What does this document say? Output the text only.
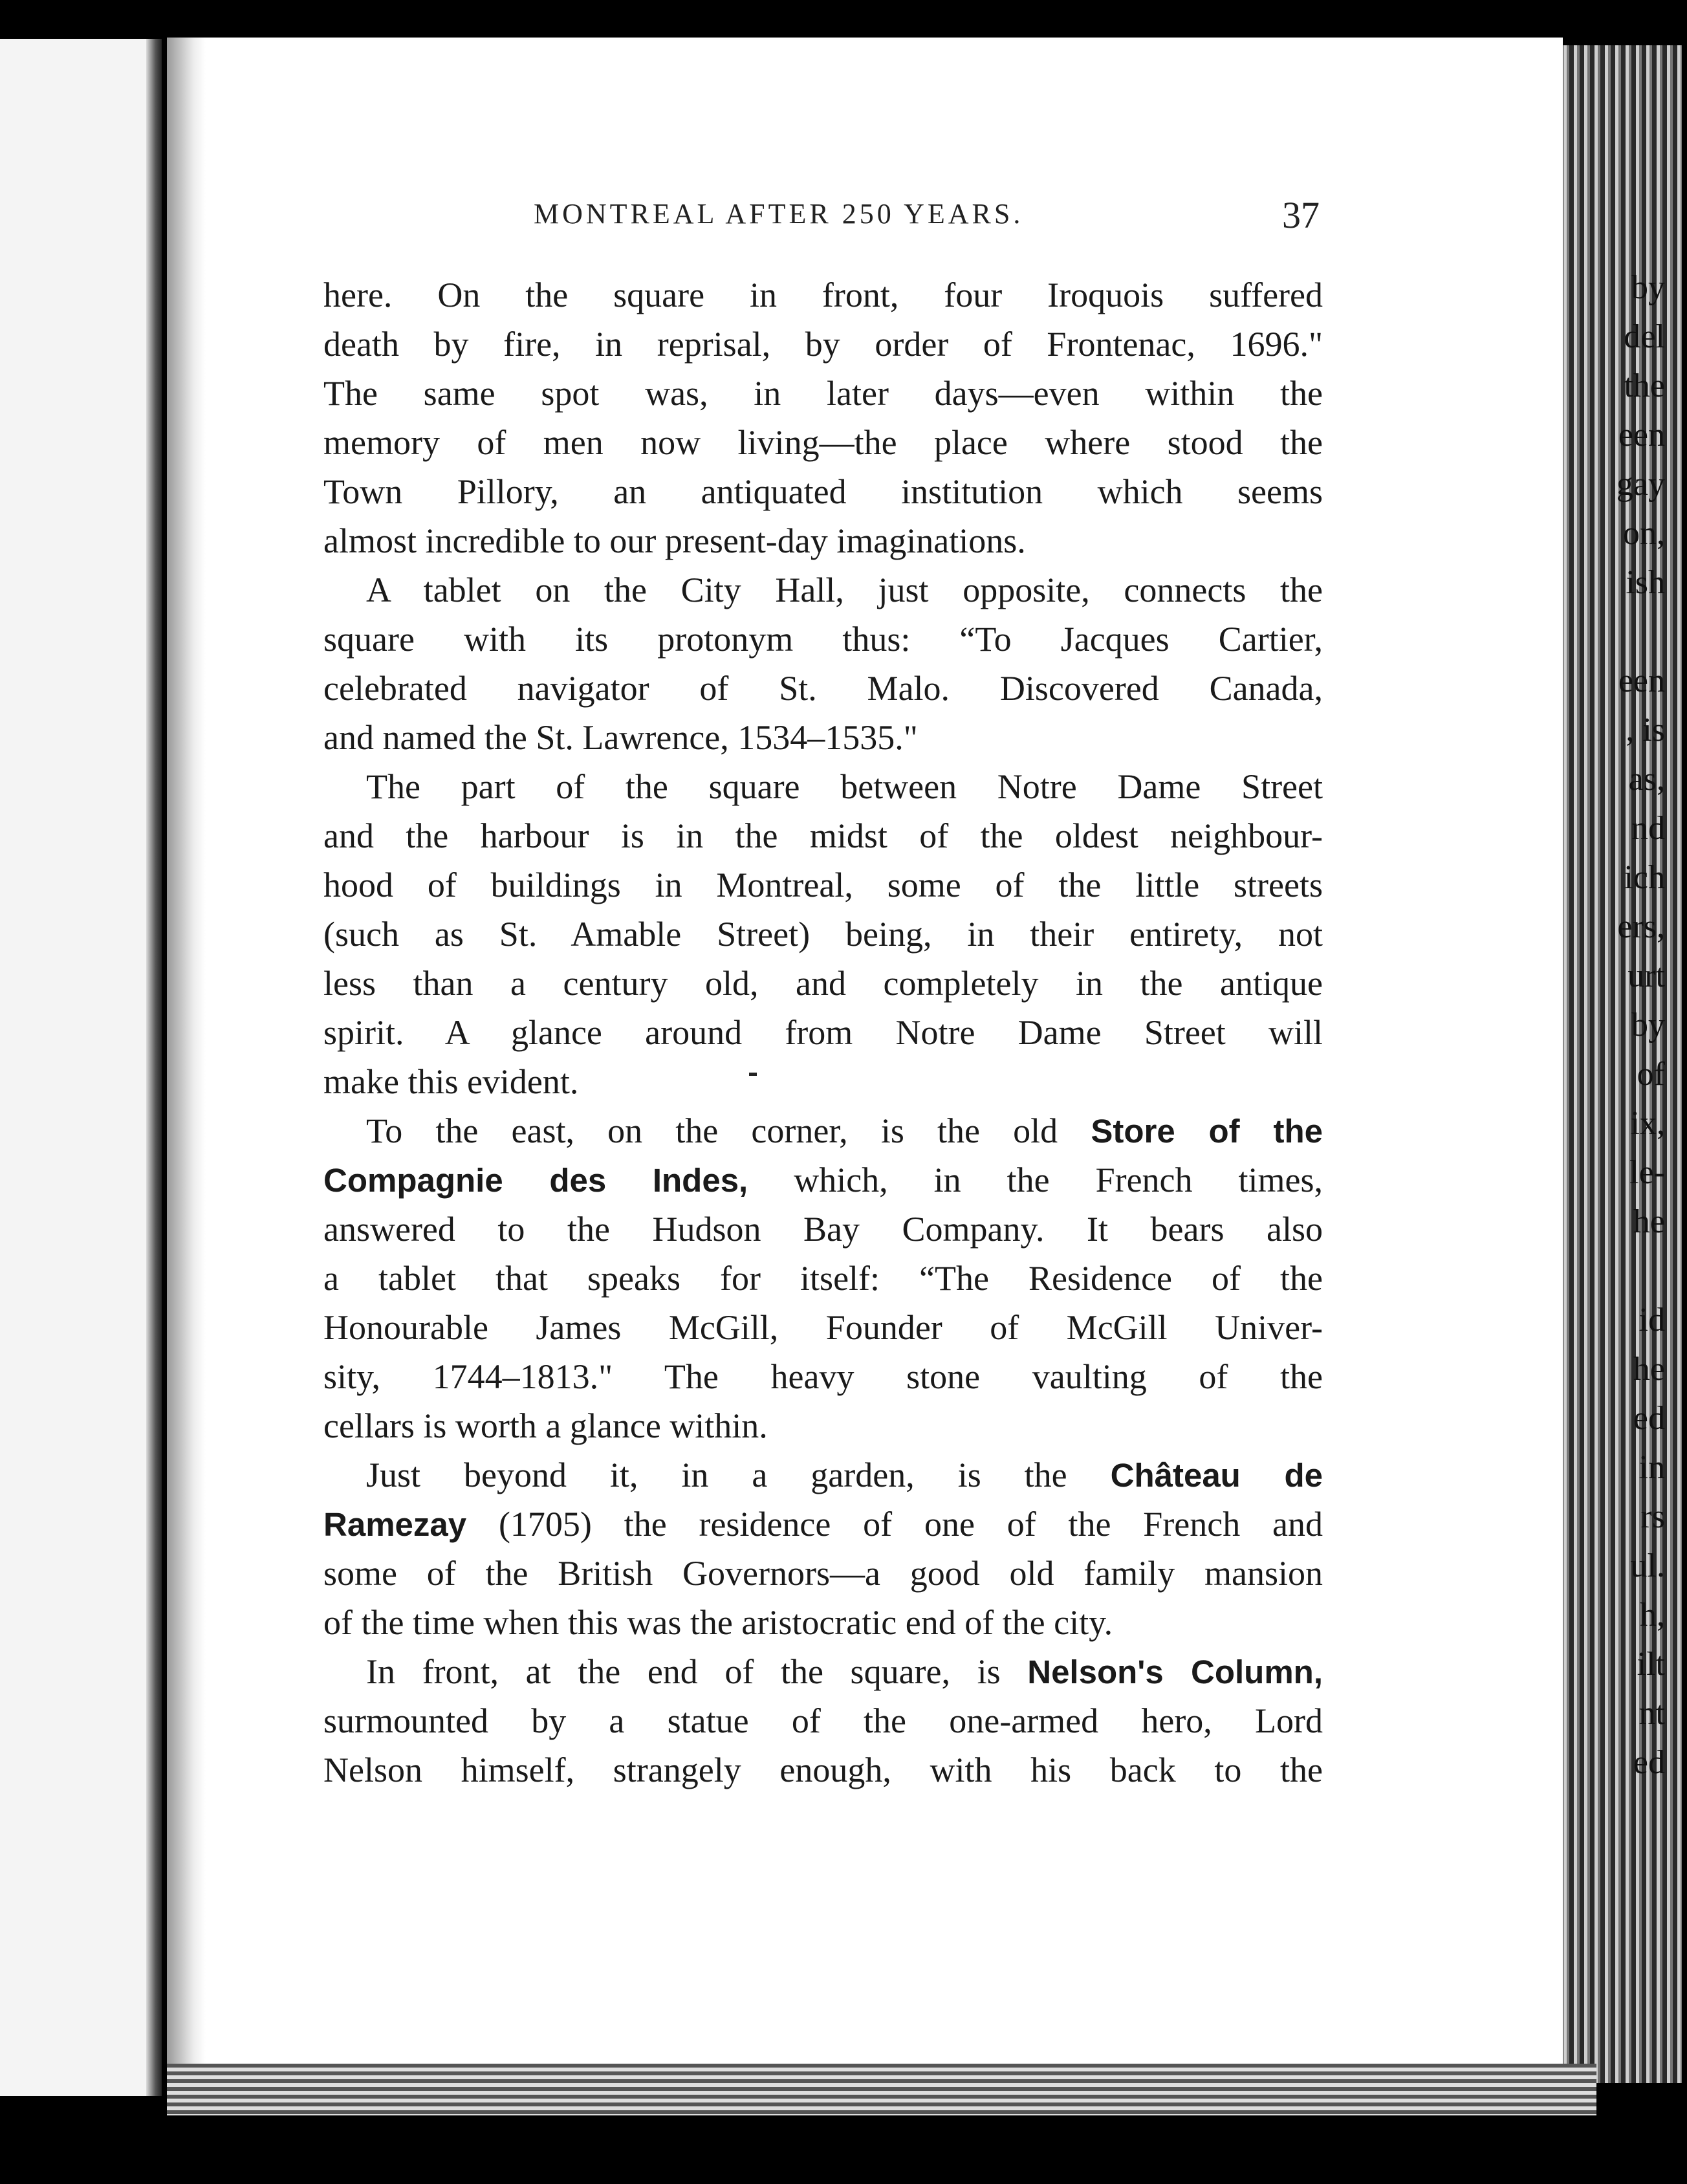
MONTREAL AFTER 250 YEARS.	37
by
del
the
een
gay
on,
ish
een
, is
as,
nd
ich
ers,
urt
by
of
ix,
le-
he
id
he
ed
in
rs
ul.
h,
ilt
nt
ed
here. On the square in front, four Iroquois suffered
death by fire, in reprisal, by order of Frontenac, 1696."
The same spot was, in later days—even within the
memory of men now living—the place where stood the
Town Pillory, an antiquated institution which seems
almost incredible to our present-day imaginations.
A tablet on the City Hall, just opposite, connects the
square with its protonym thus: “To Jacques Cartier,
celebrated navigator of St. Malo. Discovered Canada,
and named the St. Lawrence, 1534–1535."
The part of the square between Notre Dame Street
and the harbour is in the midst of the oldest neighbour-
hood of buildings in Montreal, some of the little streets
(such as St. Amable Street) being, in their entirety, not
less than a century old, and completely in the antique
spirit. A glance around from Notre Dame Street will
make this evident.
To the east, on the corner, is the old Store of the
Compagnie des Indes, which, in the French times,
answered to the Hudson Bay Company. It bears also
a tablet that speaks for itself: “The Residence of the
Honourable James McGill, Founder of McGill Univer-
sity, 1744–1813." The heavy stone vaulting of the
cellars is worth a glance within.
Just beyond it, in a garden, is the Château de
Ramezay (1705) the residence of one of the French and
some of the British Governors—a good old family mansion
of the time when this was the aristocratic end of the city.
In front, at the end of the square, is Nelson's Column,
surmounted by a statue of the one-armed hero, Lord
Nelson himself, strangely enough, with his back to the
